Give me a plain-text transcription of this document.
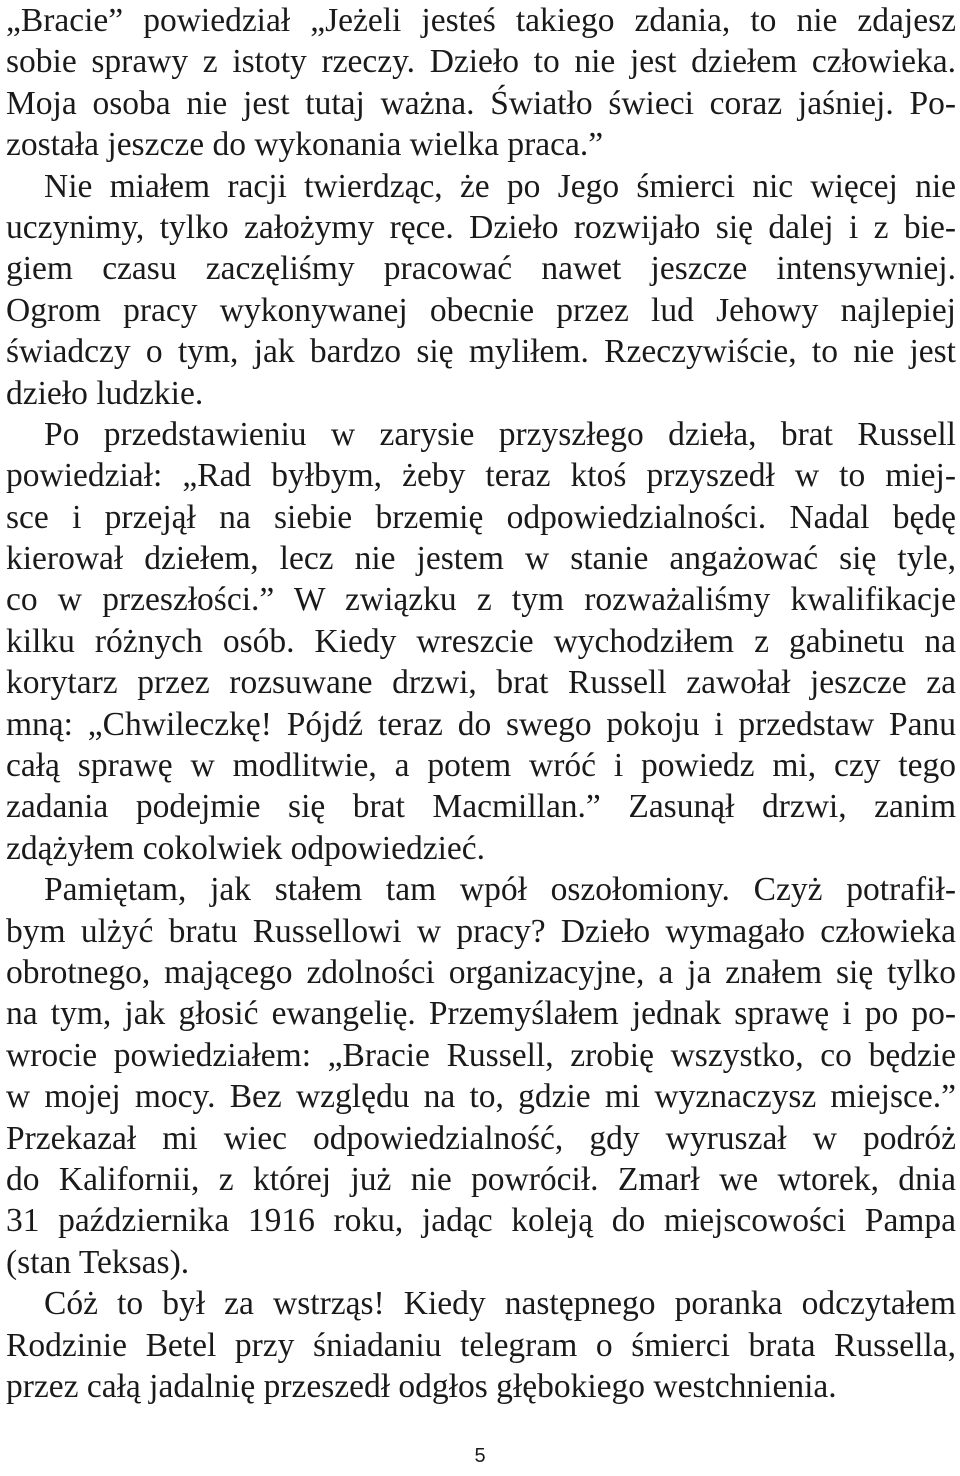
„Bracie” powiedział „Jeżeli jesteś takiego zdania, to nie zdajesz
sobie sprawy z istoty rzeczy. Dzieło to nie jest dziełem człowieka.
Moja osoba nie jest tutaj ważna. Światło świeci coraz jaśniej. Po-
została jeszcze do wykonania wielka praca.”
Nie miałem racji twierdząc, że po Jego śmierci nic więcej nie
uczynimy, tylko założymy ręce. Dzieło rozwijało się dalej i z bie-
giem czasu zaczęliśmy pracować nawet jeszcze intensywniej.
Ogrom pracy wykonywanej obecnie przez lud Jehowy najlepiej
świadczy o tym, jak bardzo się myliłem. Rzeczywiście, to nie jest
dzieło ludzkie.
Po przedstawieniu w zarysie przyszłego dzieła, brat Russell
powiedział: „Rad byłbym, żeby teraz ktoś przyszedł w to miej-
sce i przejął na siebie brzemię odpowiedzialności. Nadal będę
kierował dziełem, lecz nie jestem w stanie angażować się tyle,
co w przeszłości.” W związku z tym rozważaliśmy kwalifikacje
kilku różnych osób. Kiedy wreszcie wychodziłem z gabinetu na
korytarz przez rozsuwane drzwi, brat Russell zawołał jeszcze za
mną: „Chwileczkę! Pójdź teraz do swego pokoju i przedstaw Panu
całą sprawę w modlitwie, a potem wróć i powiedz mi, czy tego
zadania podejmie się brat Macmillan.” Zasunął drzwi, zanim
zdążyłem cokolwiek odpowiedzieć.
Pamiętam, jak stałem tam wpół oszołomiony. Czyż potrafił-
bym ulżyć bratu Russellowi w pracy? Dzieło wymagało człowieka
obrotnego, mającego zdolności organizacyjne, a ja znałem się tylko
na tym, jak głosić ewangelię. Przemyślałem jednak sprawę i po po-
wrocie powiedziałem: „Bracie Russell, zrobię wszystko, co będzie
w mojej mocy. Bez względu na to, gdzie mi wyznaczysz miejsce.”
Przekazał mi wiec odpowiedzialność, gdy wyruszał w podróż
do Kalifornii, z której już nie powrócił. Zmarł we wtorek, dnia
31 października 1916 roku, jadąc koleją do miejscowości Pampa
(stan Teksas).
Cóż to był za wstrząs! Kiedy następnego poranka odczytałem
Rodzinie Betel przy śniadaniu telegram o śmierci brata Russella,
przez całą jadalnię przeszedł odgłos głębokiego westchnienia.
5
